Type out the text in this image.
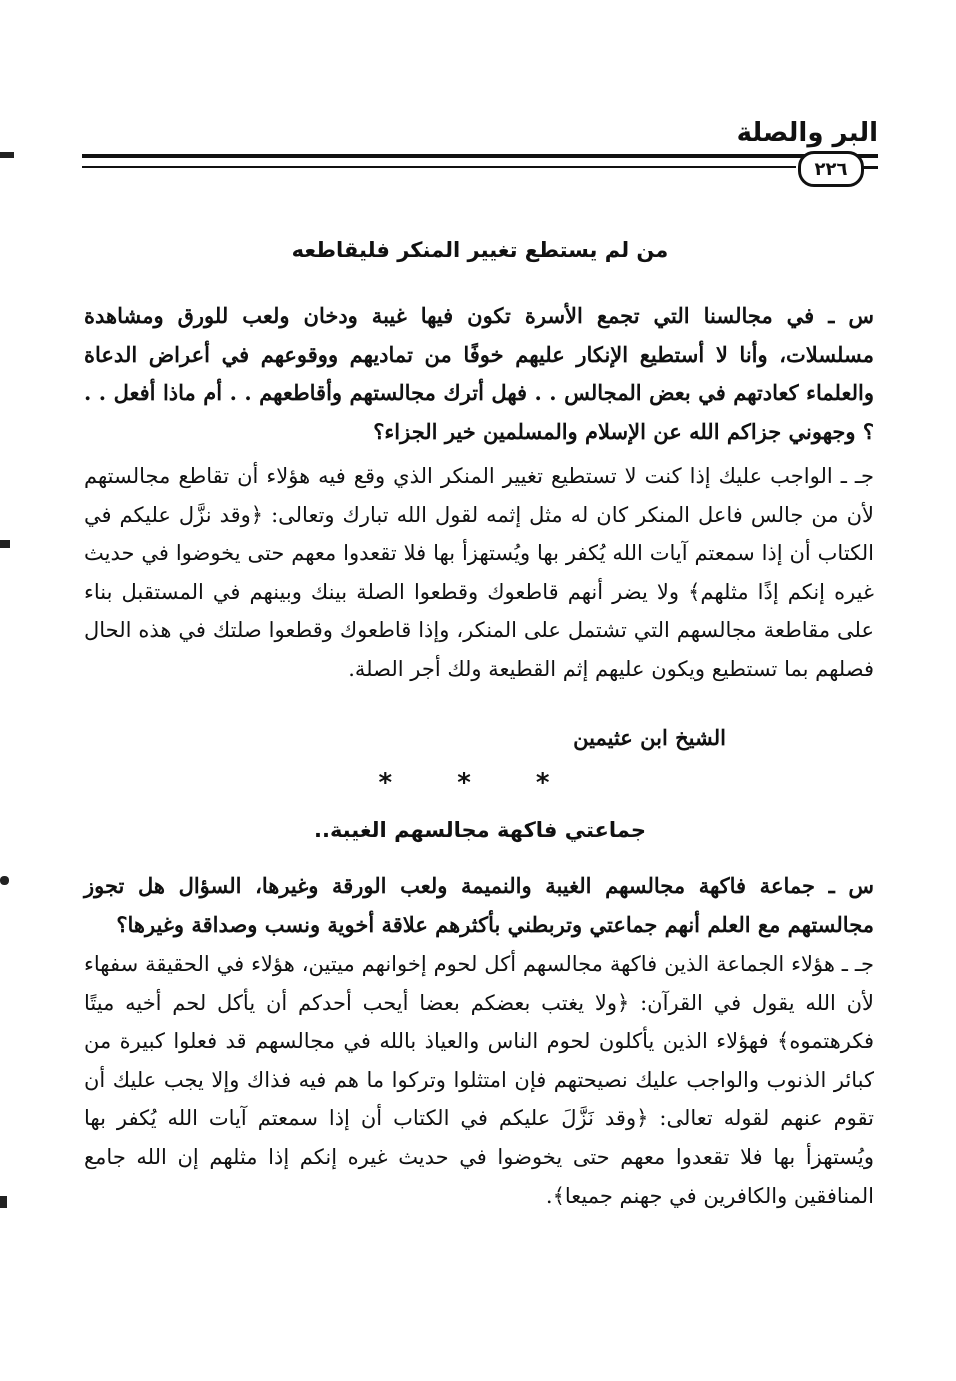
البر والصلة
٢٢٦
من لم يستطع تغيير المنكر فليقاطعه
س ـ في مجالسنا التي تجمع الأسرة تكون فيها غيبة ودخان ولعب للورق ومشاهدة مسلسلات، وأنا لا أستطيع الإنكار عليهم خوفًا من تماديهم ووقوعهم في أعراض الدعاة والعلماء كعادتهم في بعض المجالس . . فهل أترك مجالستهم وأقاطعهم . . أم ماذا أفعل . . ؟ وجهوني جزاكم الله عن الإسلام والمسلمين خير الجزاء؟
جـ ـ الواجب عليك إذا كنت لا تستطيع تغيير المنكر الذي وقع فيه هؤلاء أن تقاطع مجالستهم لأن من جالس فاعل المنكر كان له مثل إثمه لقول الله تبارك وتعالى: ﴿وقد نزَّل عليكم في الكتاب أن إذا سمعتم آيات الله يُكفر بها ويُستهزأ بها فلا تقعدوا معهم حتى يخوضوا في حديث غيره إنكم إذًا مثلهم﴾ ولا يضر أنهم قاطعوك وقطعوا الصلة بينك وبينهم في المستقبل بناء على مقاطعة مجالسهم التي تشتمل على المنكر، وإذا قاطعوك وقطعوا صلتك في هذه الحال فصلهم بما تستطيع ويكون عليهم إثم القطيعة ولك أجر الصلة.
الشيخ ابن عثيمين
* * *
جماعتي فاكهة مجالسهم الغيبة..
س ـ جماعة فاكهة مجالسهم الغيبة والنميمة ولعب الورقة وغيرها، السؤال هل تجوز مجالستهم مع العلم أنهم جماعتي وتربطني بأكثرهم علاقة أخوية ونسب وصداقة وغيرها؟
جـ ـ هؤلاء الجماعة الذين فاكهة مجالسهم أكل لحوم إخوانهم ميتين، هؤلاء في الحقيقة سفهاء لأن الله يقول في القرآن: ﴿ولا يغتب بعضكم بعضا أيحب أحدكم أن يأكل لحم أخيه ميتًا فكرهتموه﴾ فهؤلاء الذين يأكلون لحوم الناس والعياذ بالله في مجالسهم قد فعلوا كبيرة من كبائر الذنوب والواجب عليك نصيحتهم فإن امتثلوا وتركوا ما هم فيه فذاك وإلا يجب عليك أن تقوم عنهم لقوله تعالى: ﴿وقد نَزَّلَ عليكم في الكتاب أن إذا سمعتم آيات الله يُكفر بها ويُستهزأ بها فلا تقعدوا معهم حتى يخوضوا في حديث غيره إنكم إذا مثلهم إن الله جامع المنافقين والكافرين في جهنم جميعا﴾.
